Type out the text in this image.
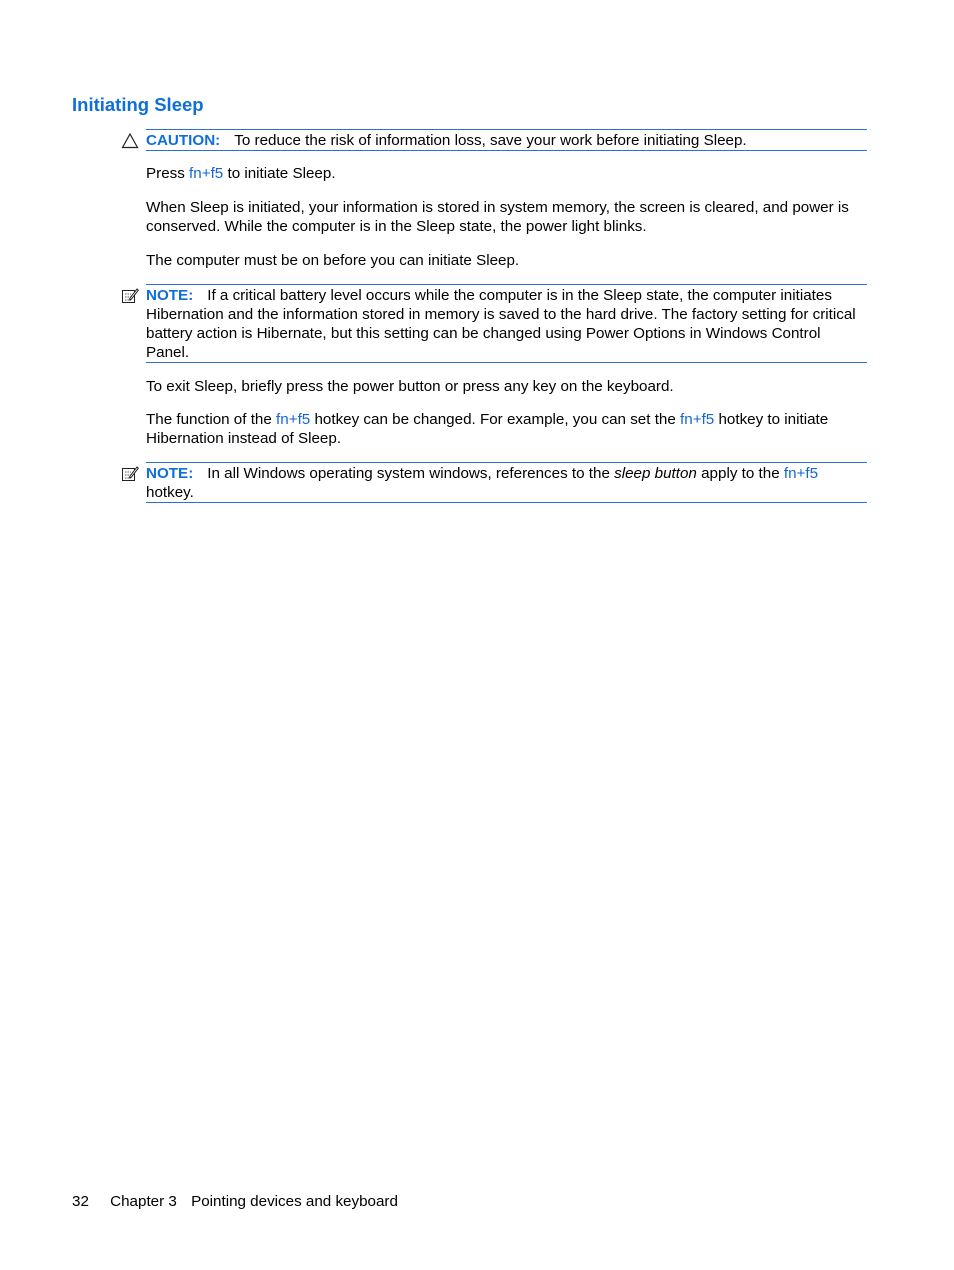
Initiating Sleep
CAUTION: To reduce the risk of information loss, save your work before initiating Sleep.
Press fn+f5 to initiate Sleep.
When Sleep is initiated, your information is stored in system memory, the screen is cleared, and power is conserved. While the computer is in the Sleep state, the power light blinks.
The computer must be on before you can initiate Sleep.
NOTE: If a critical battery level occurs while the computer is in the Sleep state, the computer initiates Hibernation and the information stored in memory is saved to the hard drive. The factory setting for critical battery action is Hibernate, but this setting can be changed using Power Options in Windows Control Panel.
To exit Sleep, briefly press the power button or press any key on the keyboard.
The function of the fn+f5 hotkey can be changed. For example, you can set the fn+f5 hotkey to initiate Hibernation instead of Sleep.
NOTE: In all Windows operating system windows, references to the sleep button apply to the fn+f5
hotkey.
32 Chapter 3 Pointing devices and keyboard
